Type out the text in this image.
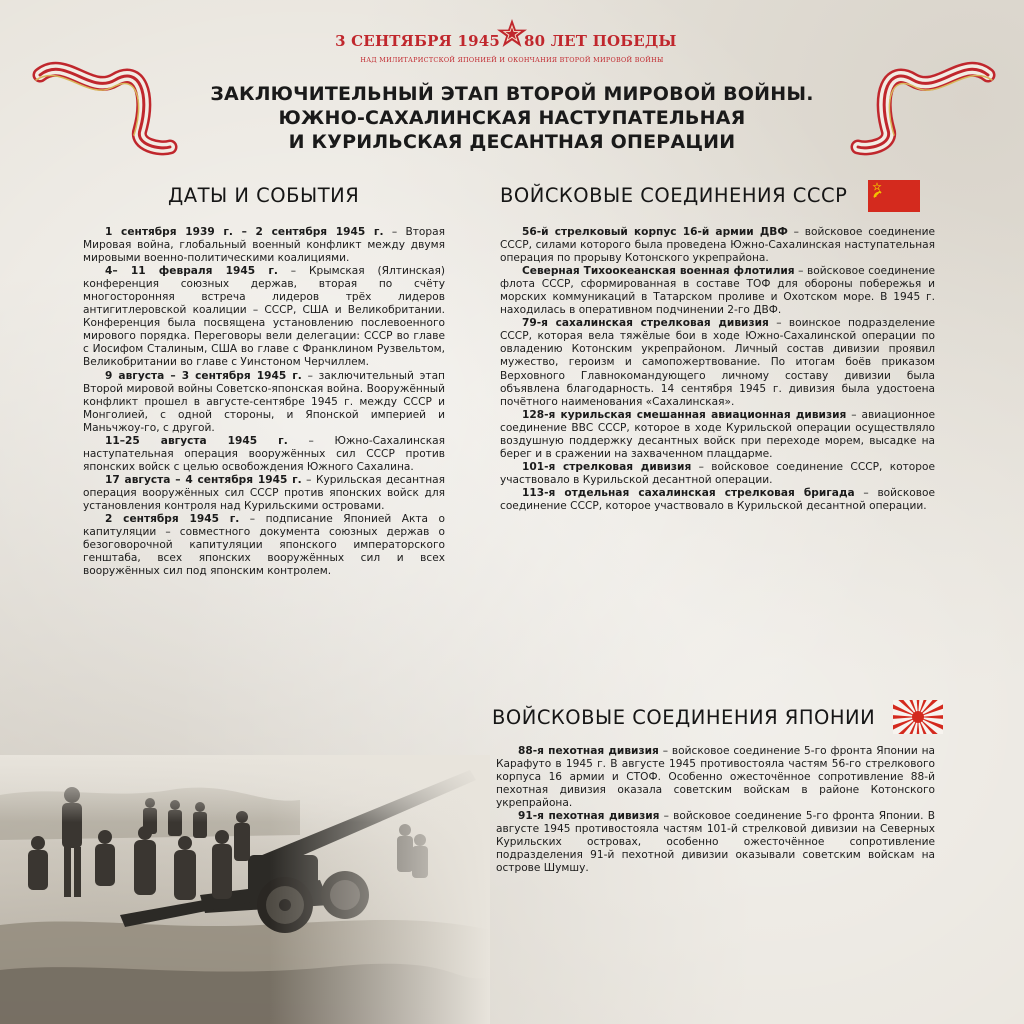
3 СЕНТЯБРЯ 1945 80 ЛЕТ ПОБЕДЫ
НАД МИЛИТАРИСТСКОЙ ЯПОНИЕЙ И ОКОНЧАНИЯ ВТОРОЙ МИРОВОЙ ВОЙНЫ
ЗАКЛЮЧИТЕЛЬНЫЙ ЭТАП ВТОРОЙ МИРОВОЙ ВОЙНЫ.
ЮЖНО-САХАЛИНСКАЯ НАСТУПАТЕЛЬНАЯ
И КУРИЛЬСКАЯ ДЕСАНТНАЯ ОПЕРАЦИИ
ДАТЫ И СОБЫТИЯ

1 сентября 1939 г. – 2 сентября 1945 г. – Вторая Мировая война, глобальный военный конфликт между двумя мировыми военно-политическими коалициями.

4– 11 февраля 1945 г. – Крымская (Ялтинская) конференция союзных держав, вторая по счёту многосторонняя встреча лидеров трёх лидеров антигитлеровской коалиции – СССР, США и Великобритании. Конференция была посвящена установлению послевоенного мирового порядка. Переговоры вели делегации: СССР во главе с Иосифом Сталиным, США во главе с Франклином Рузвельтом, Великобритании во главе с Уинстоном Черчиллем.

9 августа – 3 сентября 1945 г. – заключительный этап Второй мировой войны Советско-японская война. Вооружённый конфликт прошел в августе-сентябре 1945 г. между СССР и Монголией, с одной стороны, и Японской империей и Маньчжоу-го, с другой.

11–25 августа 1945 г. – Южно-Сахалинская наступательная операция вооружённых сил СССР против японских войск с целью освобождения Южного Сахалина.

17 августа – 4 сентября 1945 г. – Курильская десантная операция вооружённых сил СССР против японских войск для установления контроля над Курильскими островами.

2 сентября 1945 г. – подписание Японией Акта о капитуляции – совместного документа союзных держав о безоговорочной капитуляции японского императорского генштаба, всех японских вооружённых сил и всех вооружённых сил под японским контролем.

ВОЙСКОВЫЕ СОЕДИНЕНИЯ СССР

56-й стрелковый корпус 16-й армии ДВФ – войсковое соединение СССР, силами которого была проведена Южно-Сахалинская наступательная операция по прорыву Котонского укрепрайона.

Северная Тихоокеанская военная флотилия – войсковое соединение флота СССР, сформированная в составе ТОФ для обороны побережья и морских коммуникаций в Татарском проливе и Охотском море. В 1945 г. находилась в оперативном подчинении 2-го ДВФ.

79-я сахалинская стрелковая дивизия – воинское подразделение СССР, которая вела тяжёлые бои в ходе Южно-Сахалинской операции по овладению Котонским укрепрайоном. Личный состав дивизии проявил мужество, героизм и самопожертвование. По итогам боёв приказом Верховного Главнокомандующего личному составу дивизии была объявлена благодарность. 14 сентября 1945 г. дивизия была удостоена почётного наименования «Сахалинская».

128-я курильская смешанная авиационная дивизия – авиационное соединение ВВС СССР, которое в ходе Курильской операции осуществляло воздушную поддержку десантных войск при переходе морем, высадке на берег и в сражении на захваченном плацдарме.

101-я стрелковая дивизия – войсковое соединение СССР, которое участвовало в Курильской десантной операции.

113-я отдельная сахалинская стрелковая бригада – войсковое соединение СССР, которое участвовало в Курильской десантной операции.

ВОЙСКОВЫЕ СОЕДИНЕНИЯ ЯПОНИИ

88-я пехотная дивизия – войсковое соединение 5-го фронта Японии на Карафуто в 1945 г. В августе 1945 противостояла частям 56-го стрелкового корпуса 16 армии и СТОФ. Особенно ожесточённое сопротивление 88-й пехотная дивизия оказала советским войскам в районе Котонского укрепрайона.

91-я пехотная дивизия – войсковое соединение 5-го фронта Японии. В августе 1945 противостояла частям 101-й стрелковой дивизии на Северных Курильских островах, особенно ожесточённое сопротивление подразделения 91-й пехотной дивизии оказывали советским войскам на острове Шумшу.
